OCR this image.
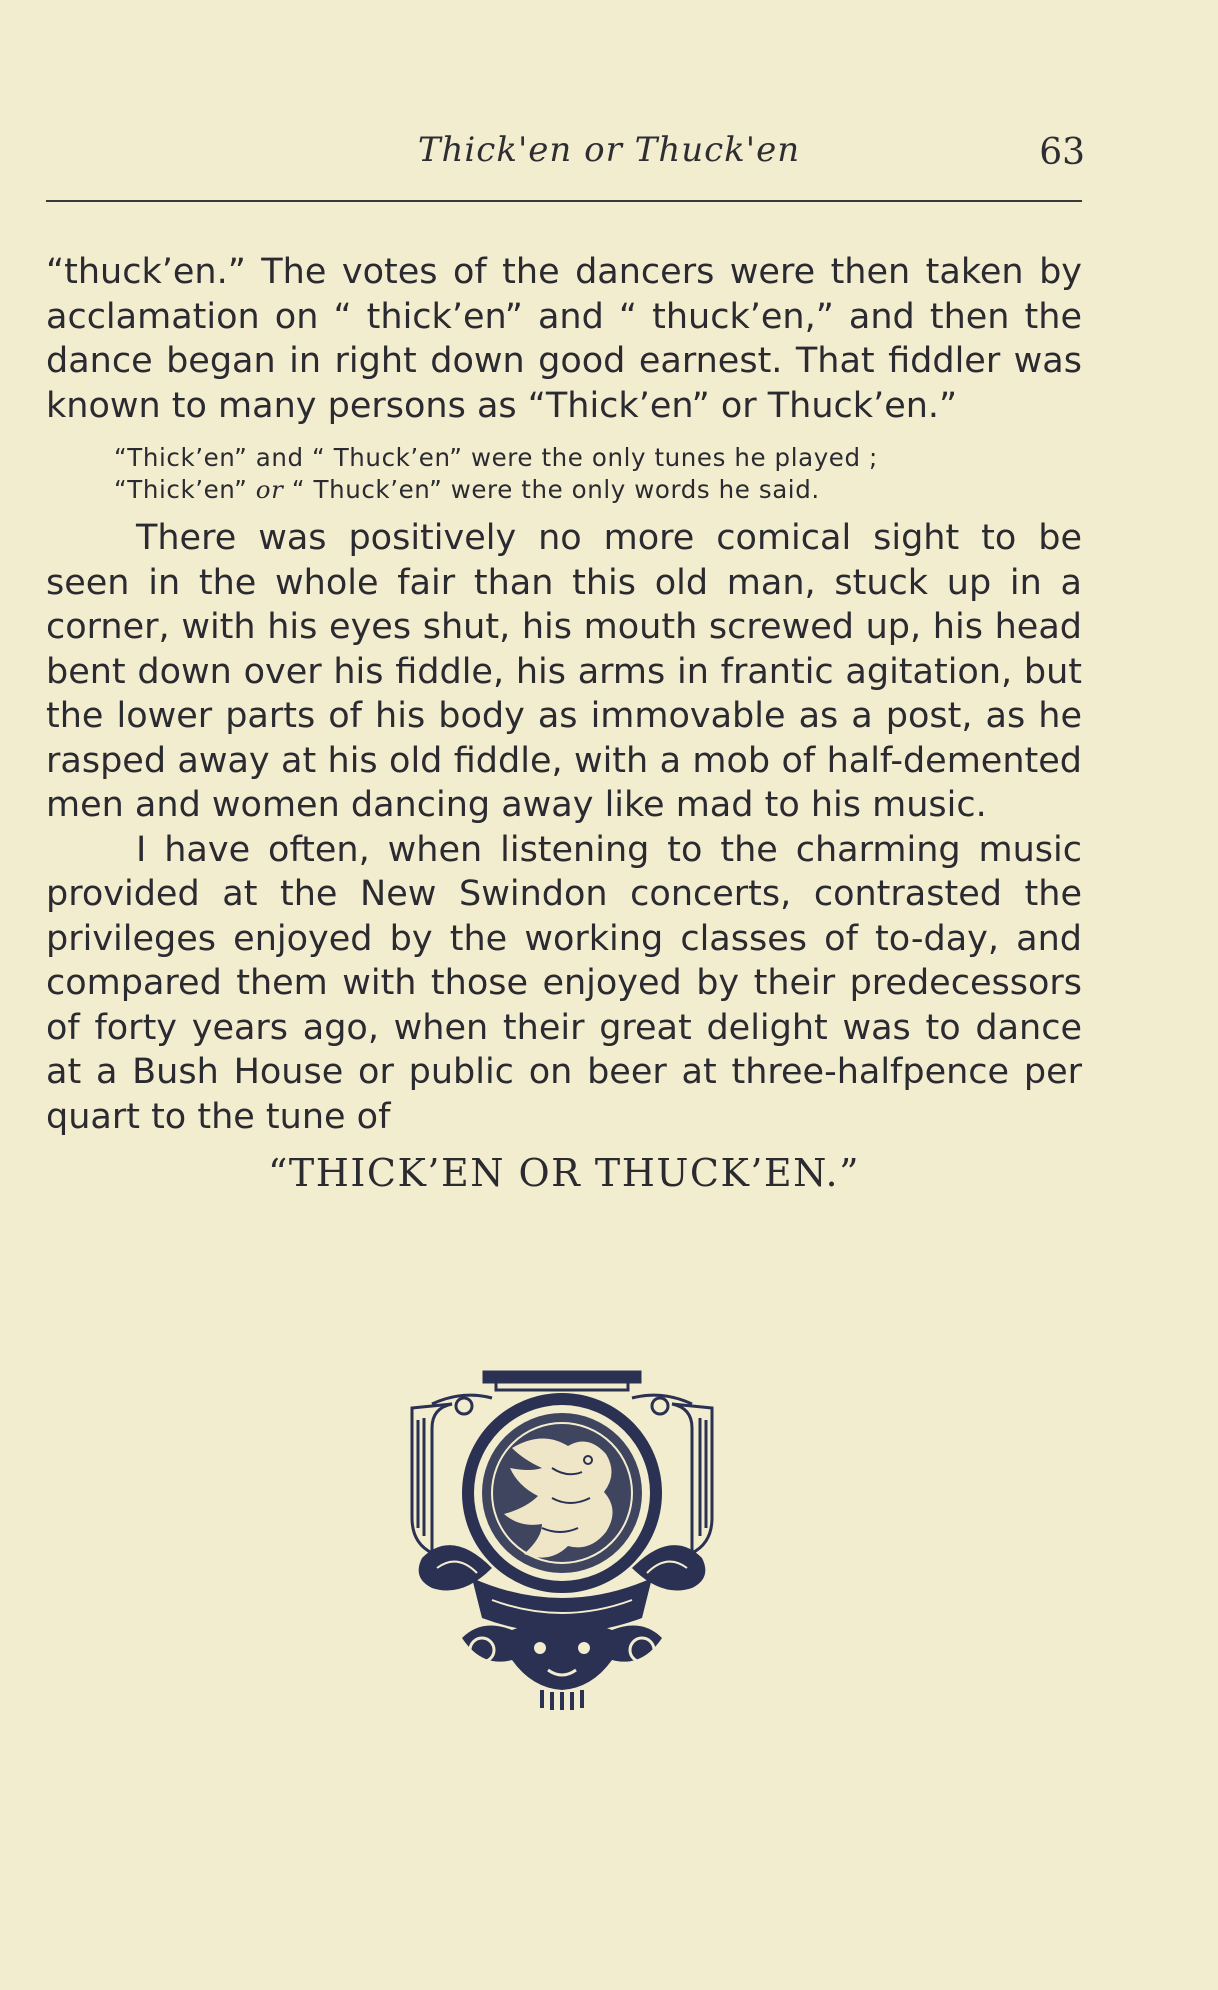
Thick'en or Thuck'en	63

“thuck’en.” The votes of the dancers were then taken by acclamation on “ thick’en” and “ thuck’en,” and then the dance began in right down good earnest. That fiddler was known to many persons as “Thick’en” or Thuck’en.”

“Thick’en” and “ Thuck’en” were the only tunes he played ;
“Thick’en” or “ Thuck’en” were the only words he said.

There was positively no more comical sight to be seen in the whole fair than this old man, stuck up in a corner, with his eyes shut, his mouth screwed up, his head bent down over his fiddle, his arms in frantic agitation, but the lower parts of his body as immovable as a post, as he rasped away at his old fiddle, with a mob of half-demented men and women dancing away like mad to his music.

I have often, when listening to the charming music provided at the New Swindon concerts, contrasted the privileges enjoyed by the working classes of to-day, and compared them with those enjoyed by their predecessors of forty years ago, when their great delight was to dance at a Bush House or public on beer at three-halfpence per quart to the tune of

“THICK’EN OR THUCK’EN.”
